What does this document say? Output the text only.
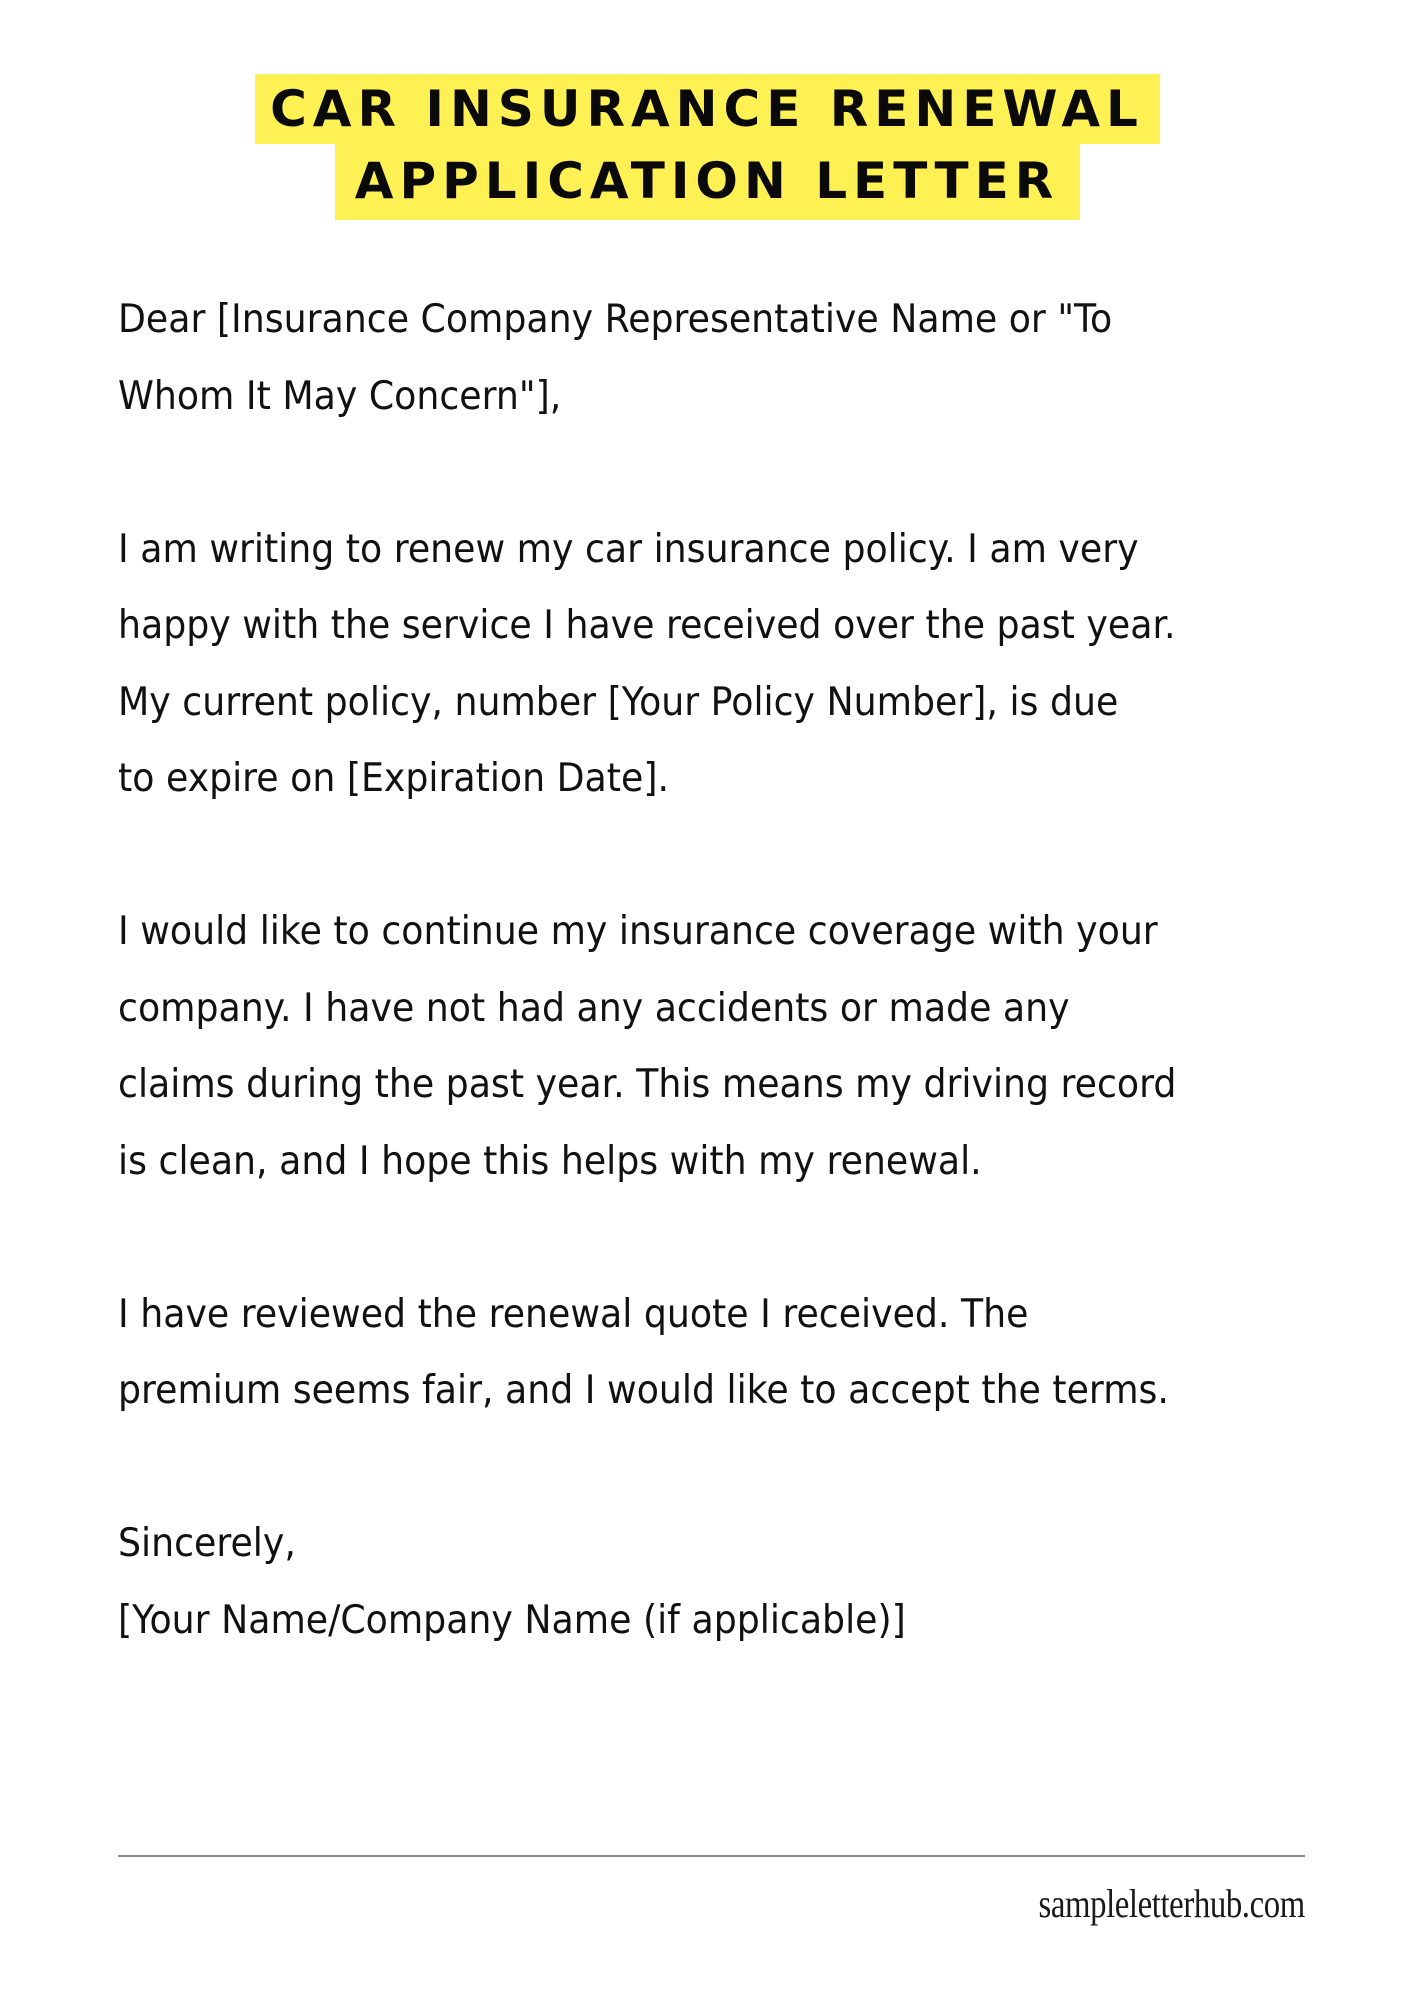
CAR INSURANCE RENEWAL
APPLICATION LETTER
Dear [Insurance Company Representative Name or "To
Whom It May Concern"],
I am writing to renew my car insurance policy. I am very
happy with the service I have received over the past year.
My current policy, number [Your Policy Number], is due
to expire on [Expiration Date].
I would like to continue my insurance coverage with your
company. I have not had any accidents or made any
claims during the past year. This means my driving record
is clean, and I hope this helps with my renewal.
I have reviewed the renewal quote I received. The
premium seems fair, and I would like to accept the terms.
Sincerely,
[Your Name/Company Name (if applicable)]
sampleletterhub.com
